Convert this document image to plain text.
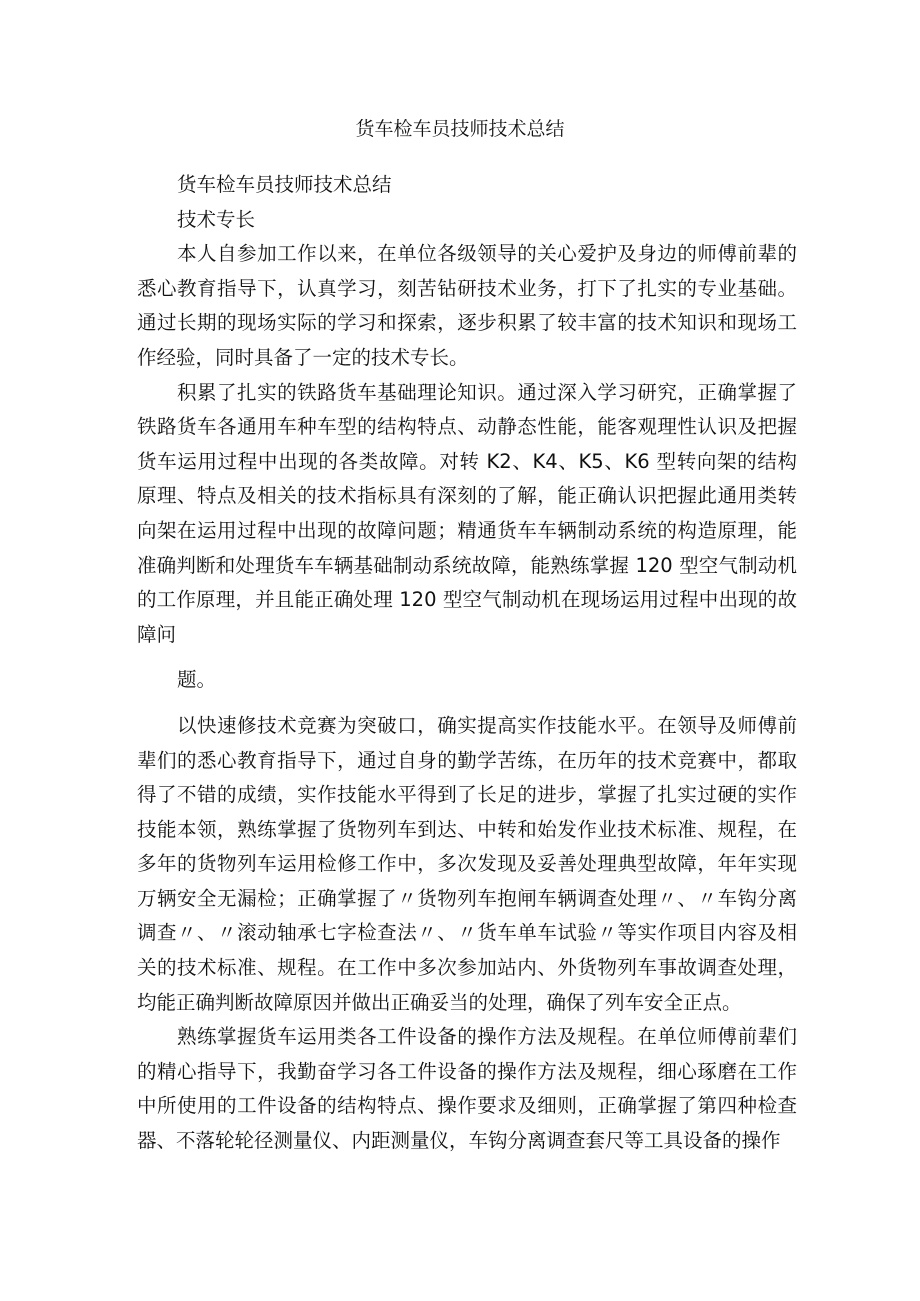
货车检车员技师技术总结
货车检车员技师技术总结
技术专长
本人自参加工作以来，在单位各级领导的关心爱护及身边的师傅前辈的
悉心教育指导下，认真学习，刻苦钻研技术业务，打下了扎实的专业基础。
通过长期的现场实际的学习和探索，逐步积累了较丰富的技术知识和现场工
作经验，同时具备了一定的技术专长。
积累了扎实的铁路货车基础理论知识。通过深入学习研究，正确掌握了
铁路货车各通用车种车型的结构特点、动静态性能，能客观理性认识及把握
货车运用过程中出现的各类故障。对转 K2、K4、K5、K6 型转向架的结构
原理、特点及相关的技术指标具有深刻的了解，能正确认识把握此通用类转
向架在运用过程中出现的故障问题；精通货车车辆制动系统的构造原理，能
准确判断和处理货车车辆基础制动系统故障，能熟练掌握 120 型空气制动机
的工作原理，并且能正确处理 120 型空气制动机在现场运用过程中出现的故
障问
题。
以快速修技术竞赛为突破口，确实提高实作技能水平。在领导及师傅前
辈们的悉心教育指导下，通过自身的勤学苦练，在历年的技术竞赛中，都取
得了不错的成绩，实作技能水平得到了长足的进步，掌握了扎实过硬的实作
技能本领，熟练掌握了货物列车到达、中转和始发作业技术标准、规程，在
多年的货物列车运用检修工作中，多次发现及妥善处理典型故障，年年实现
万辆安全无漏检；正确掌握了〃货物列车抱闸车辆调查处理〃、〃车钩分离
调查〃、〃滚动轴承七字检查法〃、〃货车单车试验〃等实作项目内容及相
关的技术标准、规程。在工作中多次参加站内、外货物列车事故调查处理，
均能正确判断故障原因并做出正确妥当的处理，确保了列车安全正点。
熟练掌握货车运用类各工件设备的操作方法及规程。在单位师傅前辈们
的精心指导下，我勤奋学习各工件设备的操作方法及规程，细心琢磨在工作
中所使用的工件设备的结构特点、操作要求及细则，正确掌握了第四种检查
器、不落轮轮径测量仪、内距测量仪，车钩分离调查套尺等工具设备的操作
